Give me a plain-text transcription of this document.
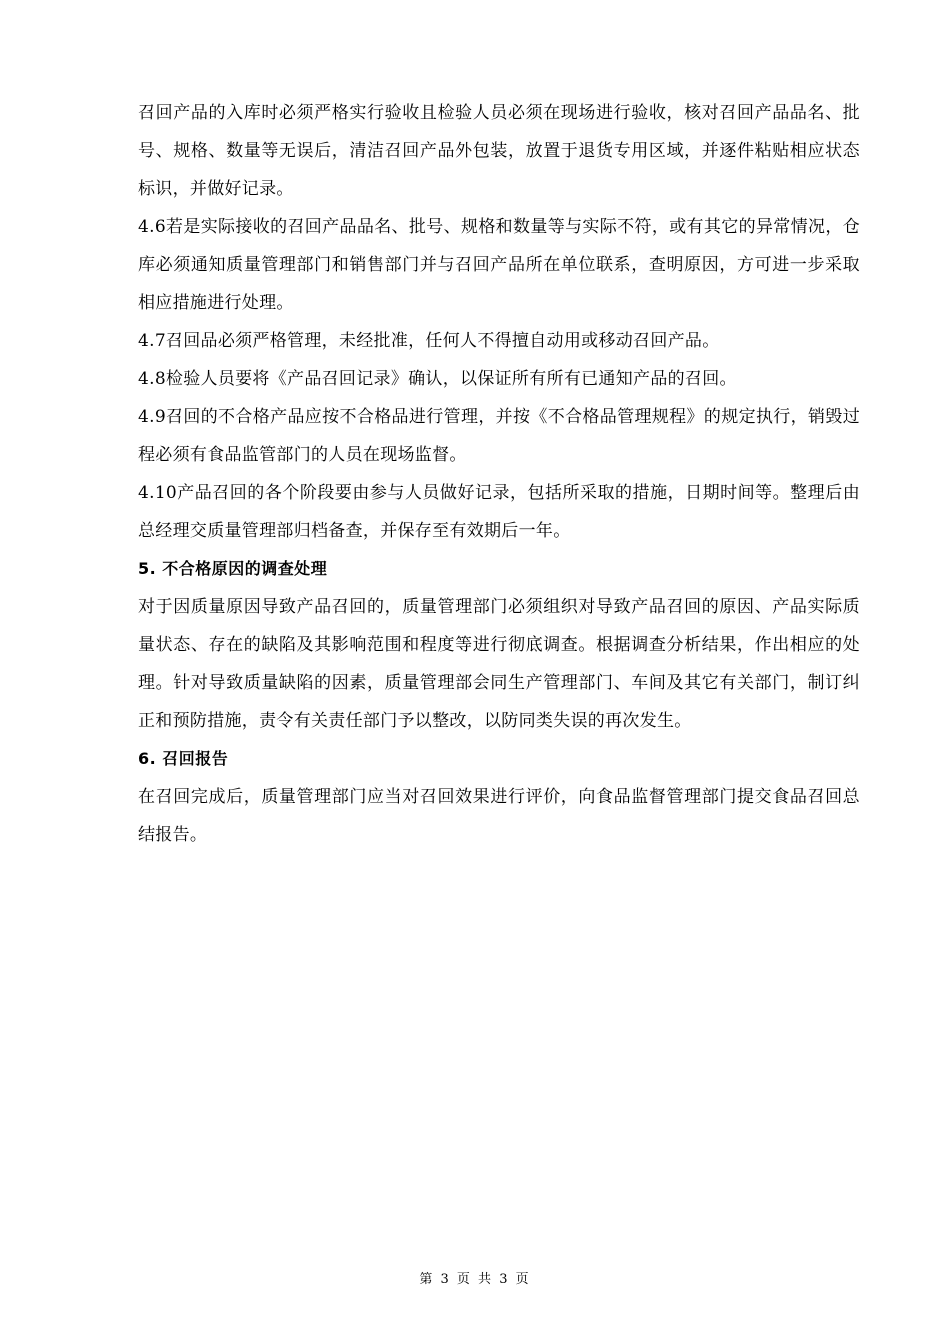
召回产品的入库时必须严格实行验收且检验人员必须在现场进行验收，核对召回产品品名、批号、规格、数量等无误后，清洁召回产品外包装，放置于退货专用区域，并逐件粘贴相应状态标识，并做好记录。

4.6若是实际接收的召回产品品名、批号、规格和数量等与实际不符，或有其它的异常情况，仓库必须通知质量管理部门和销售部门并与召回产品所在单位联系，查明原因，方可进一步采取相应措施进行处理。

4.7召回品必须严格管理，未经批准，任何人不得擅自动用或移动召回产品。

4.8检验人员要将《产品召回记录》确认，以保证所有所有已通知产品的召回。

4.9召回的不合格产品应按不合格品进行管理，并按《不合格品管理规程》的规定执行，销毁过程必须有食品监管部门的人员在现场监督。

4.10产品召回的各个阶段要由参与人员做好记录，包括所采取的措施，日期时间等。整理后由总经理交质量管理部归档备查，并保存至有效期后一年。

5. 不合格原因的调查处理

对于因质量原因导致产品召回的，质量管理部门必须组织对导致产品召回的原因、产品实际质量状态、存在的缺陷及其影响范围和程度等进行彻底调查。根据调查分析结果，作出相应的处理。针对导致质量缺陷的因素，质量管理部会同生产管理部门、车间及其它有关部门，制订纠正和预防措施，责令有关责任部门予以整改，以防同类失误的再次发生。

6. 召回报告

在召回完成后，质量管理部门应当对召回效果进行评价，向食品监督管理部门提交食品召回总结报告。

第 3 页 共 3 页
